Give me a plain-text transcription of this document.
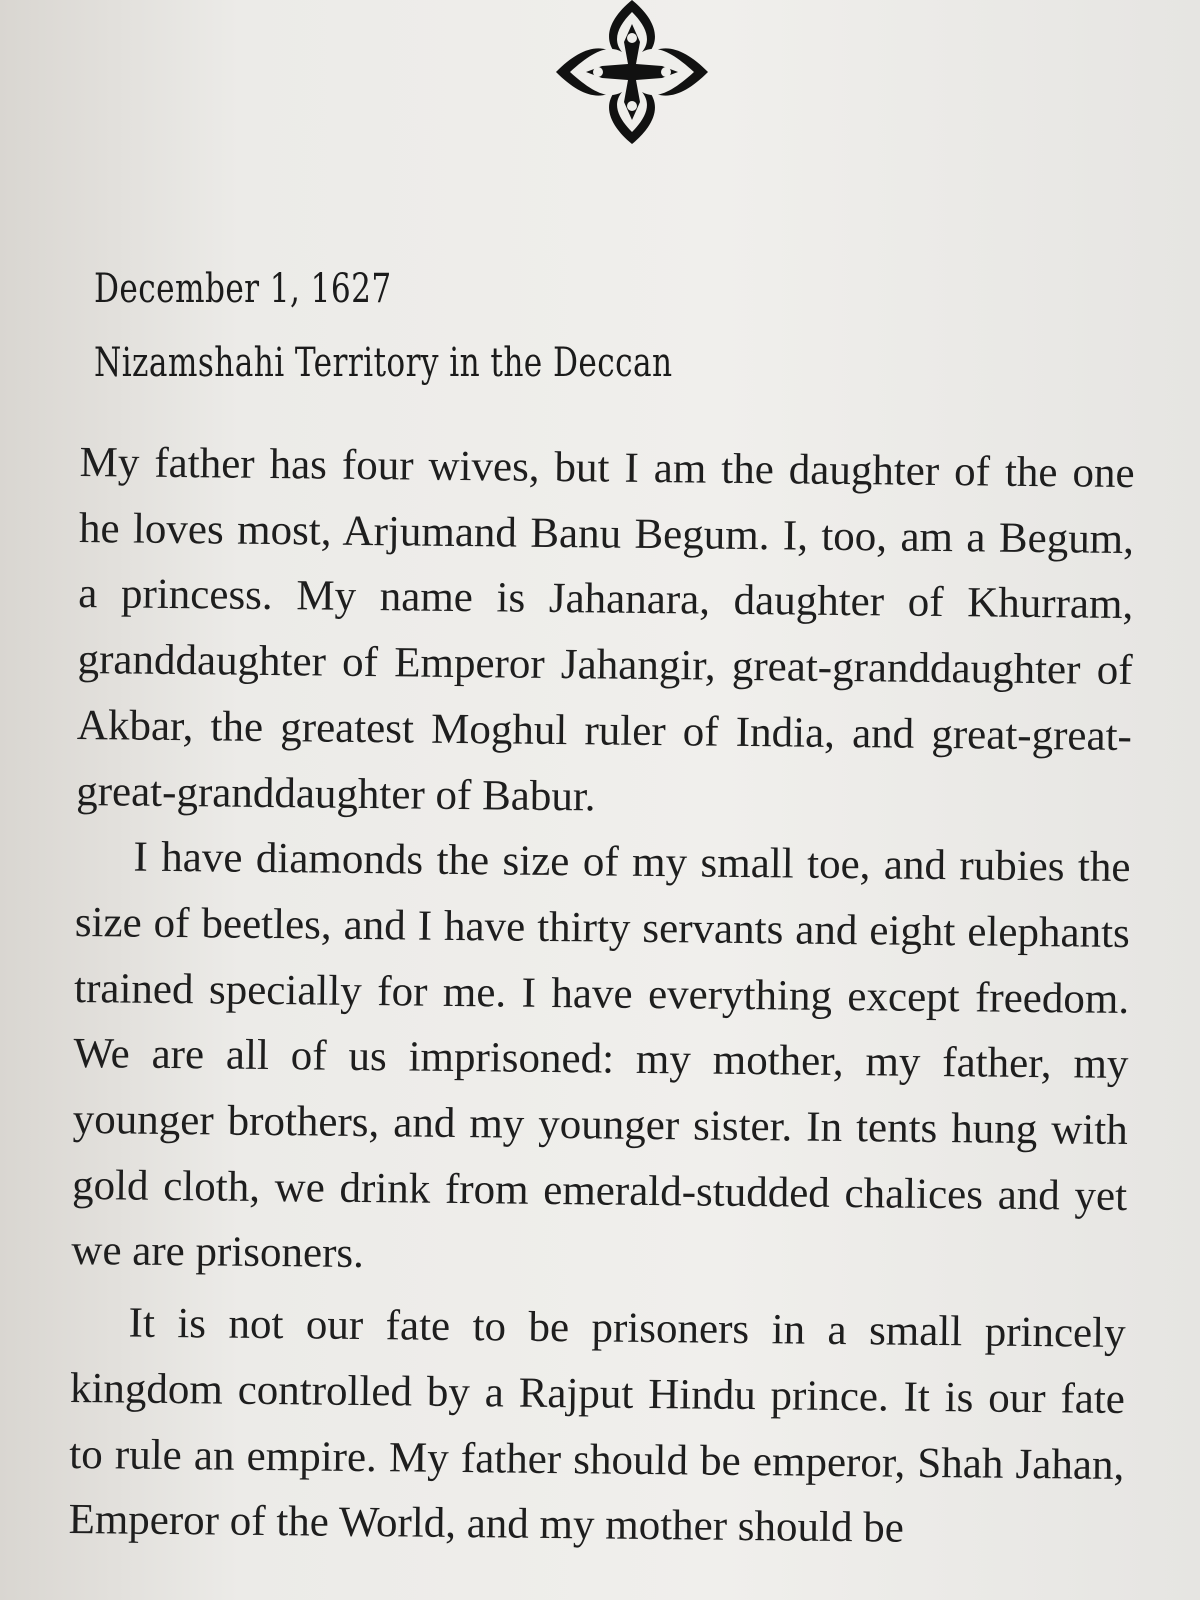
December 1, 1627
Nizamshahi Territory in the Deccan

My father has four wives, but I am the daughter of the one he loves most, Arjumand Banu Begum. I, too, am a Begum, a princess. My name is Jahanara, daughter of Khurram, granddaughter of Emperor Jahangir, great-granddaughter of Akbar, the greatest Moghul ruler of India, and great-great-great-granddaughter of Babur.

I have diamonds the size of my small toe, and rubies the size of beetles, and I have thirty servants and eight elephants trained specially for me. I have everything except freedom. We are all of us imprisoned: my mother, my father, my younger brothers, and my younger sister. In tents hung with gold cloth, we drink from emerald-studded chalices and yet we are prisoners.

It is not our fate to be prisoners in a small princely kingdom controlled by a Rajput Hindu prince. It is our fate to rule an empire. My father should be emperor, Shah Jahan, Emperor of the World, and my mother should be
